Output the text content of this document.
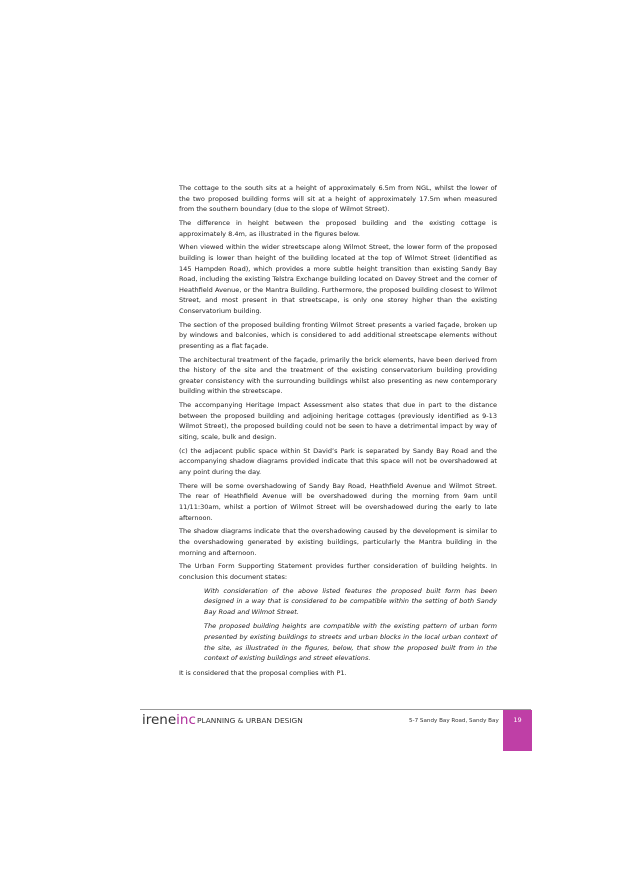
The cottage to the south sits at a height of approximately 6.5m from NGL, whilst the lower of the two proposed building forms will sit at a height of approximately 17.5m when measured from the southern boundary (due to the slope of Wilmot Street).

The difference in height between the proposed building and the existing cottage is approximately 8.4m, as illustrated in the figures below.

When viewed within the wider streetscape along Wilmot Street, the lower form of the proposed building is lower than height of the building located at the top of Wilmot Street (identified as 145 Hampden Road), which provides a more subtle height transition than existing Sandy Bay Road, including the existing Telstra Exchange building located on Davey Street and the corner of Heathfield Avenue, or the Mantra Building. Furthermore, the proposed building closest to Wilmot Street, and most present in that streetscape, is only one storey higher than the existing Conservatorium building.

The section of the proposed building fronting Wilmot Street presents a varied façade, broken up by windows and balconies, which is considered to add additional streetscape elements without presenting as a flat façade.

The architectural treatment of the façade, primarily the brick elements, have been derived from the history of the site and the treatment of the existing conservatorium building providing greater consistency with the surrounding buildings whilst also presenting as new contemporary building within the streetscape.

The accompanying Heritage Impact Assessment also states that due in part to the distance between the proposed building and adjoining heritage cottages (previously identified as 9-13 Wilmot Street), the proposed building could not be seen to have a detrimental impact by way of siting, scale, bulk and design.

(c) the adjacent public space within St David’s Park is separated by Sandy Bay Road and the accompanying shadow diagrams provided indicate that this space will not be overshadowed at any point during the day.

There will be some overshadowing of Sandy Bay Road, Heathfield Avenue and Wilmot Street. The rear of Heathfield Avenue will be overshadowed during the morning from 9am until 11/11:30am, whilst a portion of Wilmot Street will be overshadowed during the early to late afternoon.

The shadow diagrams indicate that the overshadowing caused by the development is similar to the overshadowing generated by existing buildings, particularly the Mantra building in the morning and afternoon.

The Urban Form Supporting Statement provides further consideration of building heights. In conclusion this document states:

With consideration of the above listed features the proposed built form has been designed in a way that is considered to be compatible within the setting of both Sandy Bay Road and Wilmot Street.

The proposed building heights are compatible with the existing pattern of urban form presented by existing buildings to streets and urban blocks in the local urban context of the site, as illustrated in the figures, below, that show the proposed built from in the context of existing buildings and street elevations.

It is considered that the proposal complies with P1.

ireneinc PLANNING & URBAN DESIGN	5-7 Sandy Bay Road, Sandy Bay	19
